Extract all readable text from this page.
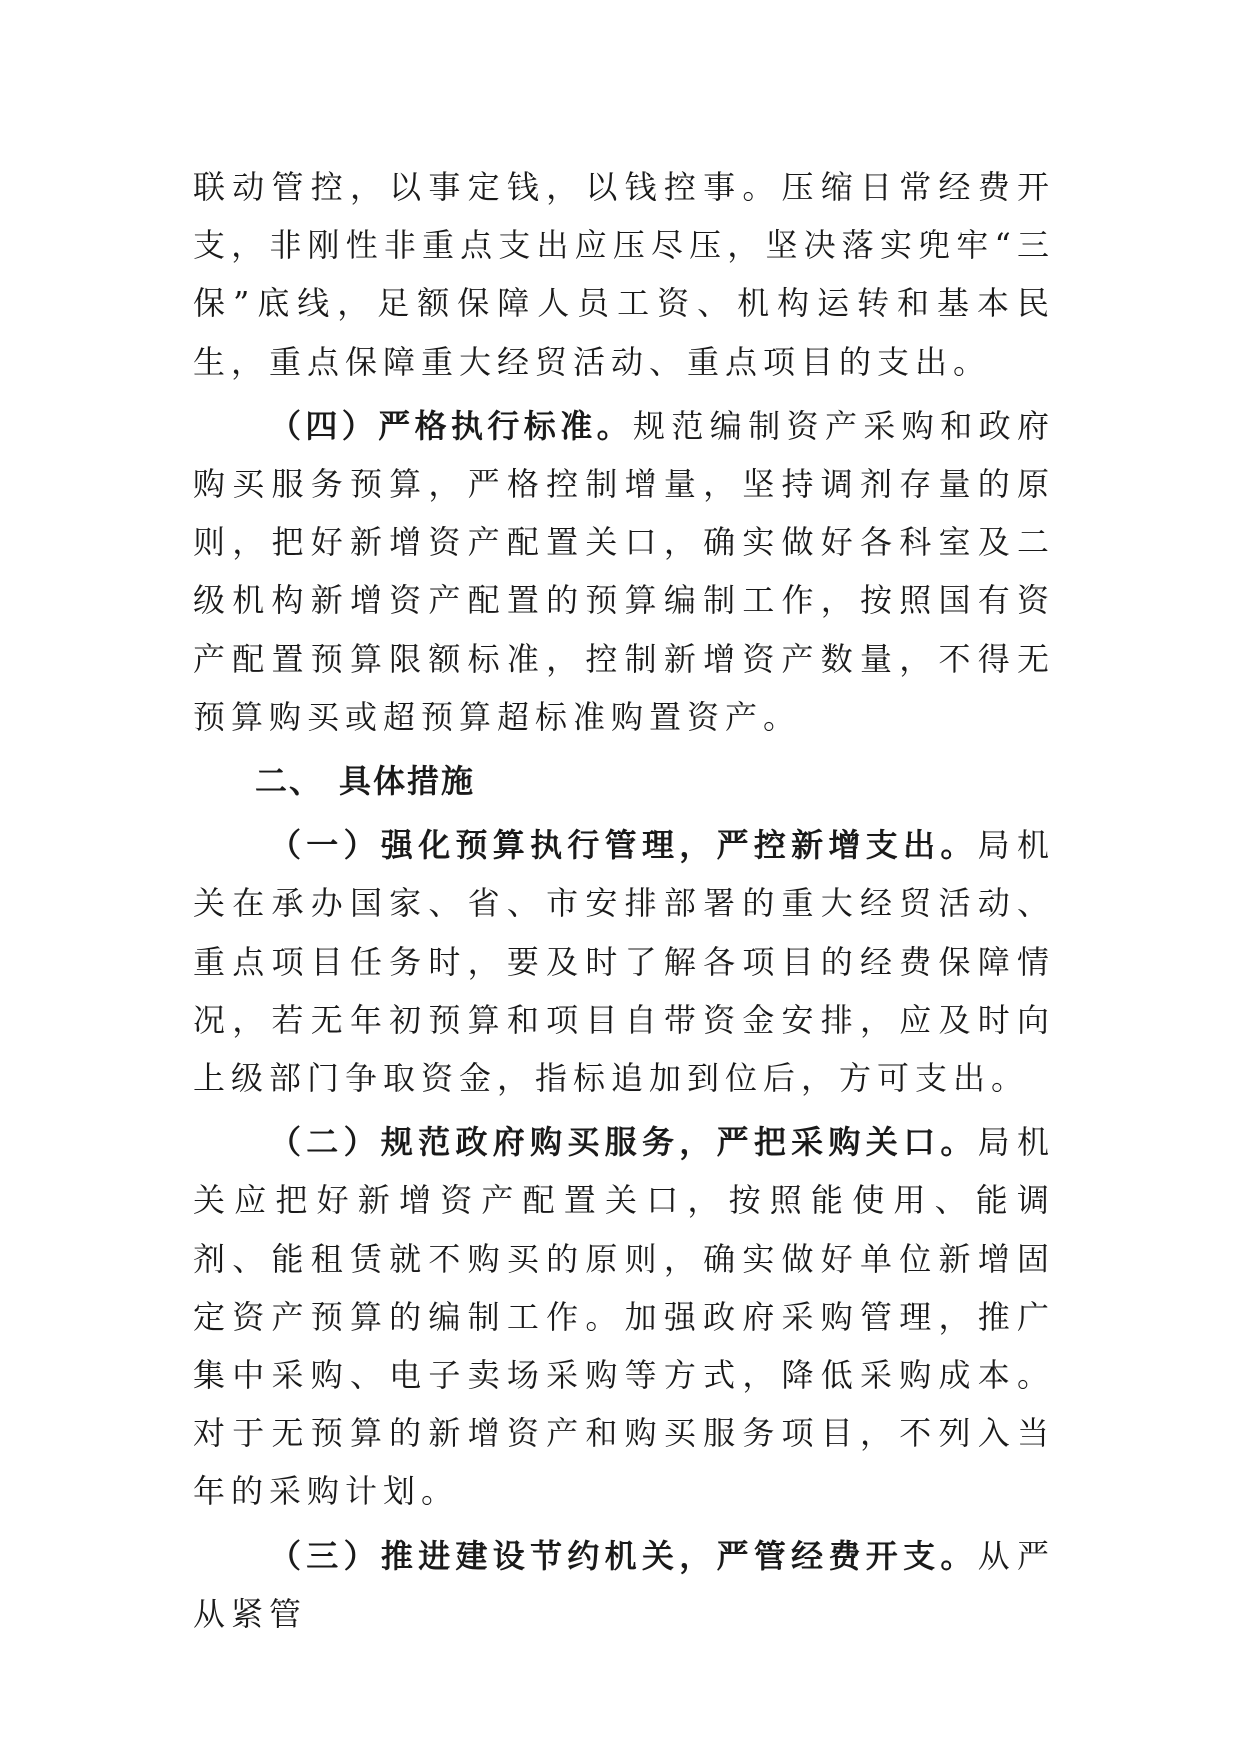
联动管控，以事定钱，以钱控事。压缩日常经费开支，非刚性非重点支出应压尽压，坚决落实兜牢“三保”底线，足额保障人员工资、机构运转和基本民生，重点保障重大经贸活动、重点项目的支出。

（四）严格执行标准。规范编制资产采购和政府购买服务预算，严格控制增量，坚持调剂存量的原则，把好新增资产配置关口，确实做好各科室及二级机构新增资产配置的预算编制工作，按照国有资产配置预算限额标准，控制新增资产数量，不得无预算购买或超预算超标准购置资产。

二、 具体措施

（一）强化预算执行管理，严控新增支出。局机关在承办国家、省、市安排部署的重大经贸活动、重点项目任务时，要及时了解各项目的经费保障情况，若无年初预算和项目自带资金安排，应及时向上级部门争取资金，指标追加到位后，方可支出。

（二）规范政府购买服务，严把采购关口。局机关应把好新增资产配置关口，按照能使用、能调剂、能租赁就不购买的原则，确实做好单位新增固定资产预算的编制工作。加强政府采购管理，推广集中采购、电子卖场采购等方式，降低采购成本。对于无预算的新增资产和购买服务项目，不列入当年的采购计划。

（三）推进建设节约机关，严管经费开支。从严从紧管
